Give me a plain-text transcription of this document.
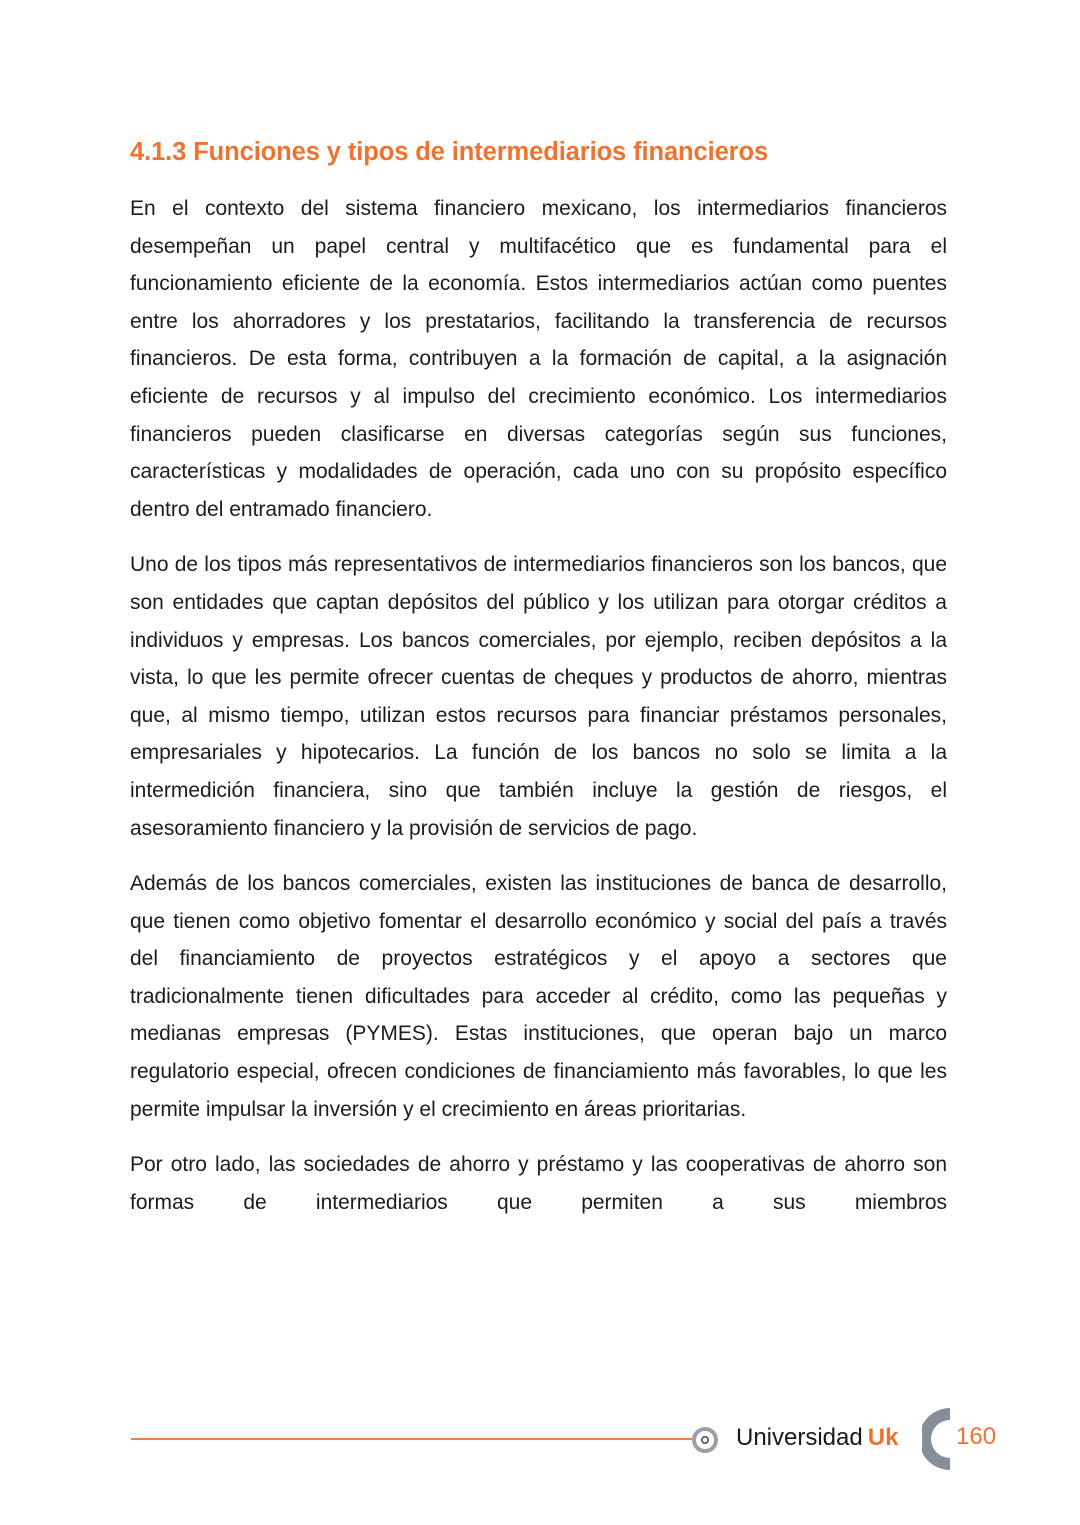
4.1.3 Funciones y tipos de intermediarios financieros

En el contexto del sistema financiero mexicano, los intermediarios financieros desempeñan un papel central y multifacético que es fundamental para el funcionamiento eficiente de la economía. Estos intermediarios actúan como puentes entre los ahorradores y los prestatarios, facilitando la transferencia de recursos financieros. De esta forma, contribuyen a la formación de capital, a la asignación eficiente de recursos y al impulso del crecimiento económico. Los intermediarios financieros pueden clasificarse en diversas categorías según sus funciones, características y modalidades de operación, cada uno con su propósito específico dentro del entramado financiero.

Uno de los tipos más representativos de intermediarios financieros son los bancos, que son entidades que captan depósitos del público y los utilizan para otorgar créditos a individuos y empresas. Los bancos comerciales, por ejemplo, reciben depósitos a la vista, lo que les permite ofrecer cuentas de cheques y productos de ahorro, mientras que, al mismo tiempo, utilizan estos recursos para financiar préstamos personales, empresariales y hipotecarios. La función de los bancos no solo se limita a la intermedición financiera, sino que también incluye la gestión de riesgos, el asesoramiento financiero y la provisión de servicios de pago.

Además de los bancos comerciales, existen las instituciones de banca de desarrollo, que tienen como objetivo fomentar el desarrollo económico y social del país a través del financiamiento de proyectos estratégicos y el apoyo a sectores que tradicionalmente tienen dificultades para acceder al crédito, como las pequeñas y medianas empresas (PYMES). Estas instituciones, que operan bajo un marco regulatorio especial, ofrecen condiciones de financiamiento más favorables, lo que les permite impulsar la inversión y el crecimiento en áreas prioritarias.

Por otro lado, las sociedades de ahorro y préstamo y las cooperativas de ahorro son formas de intermediarios que permiten a sus miembros

Universidad Uk 160
